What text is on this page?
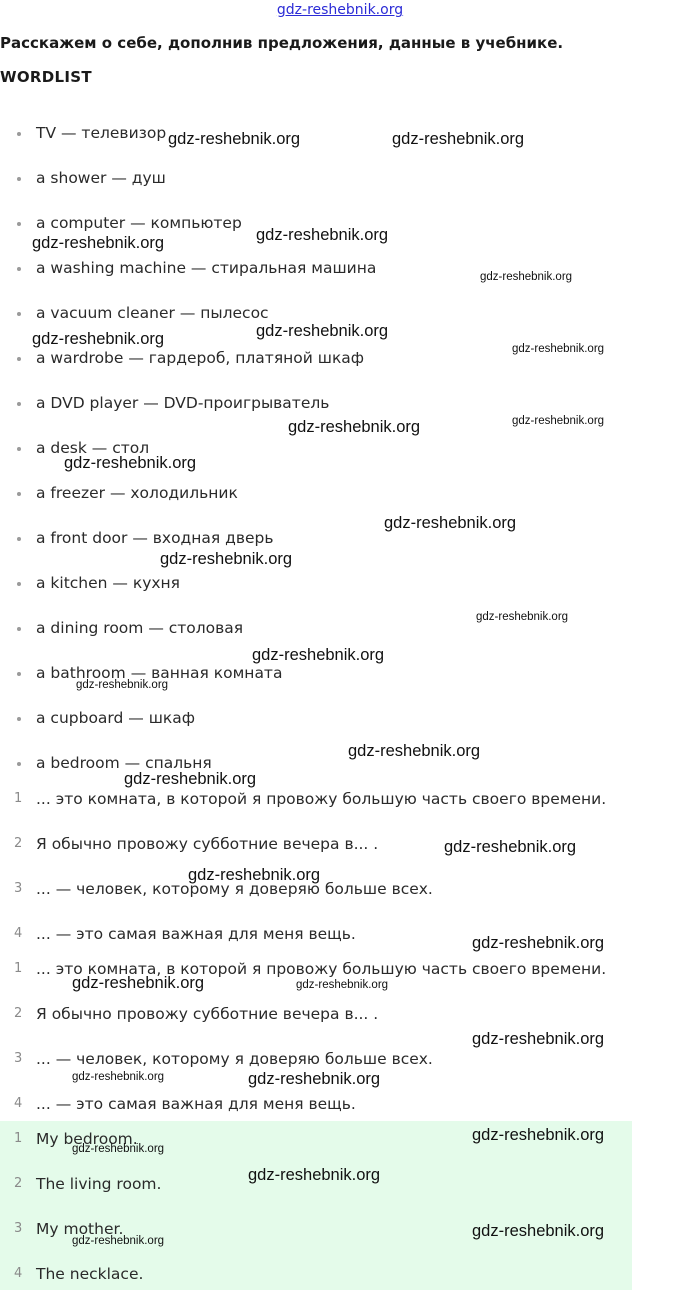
gdz-reshebnik.org
Расскажем о себе, дополнив предложения, данные в учебнике.
WORDLIST
TV — телевизор
a shower — душ
a computer — компьютер
a washing machine — стиральная машина
a vacuum cleaner — пылесос
a wardrobe — гардероб, платяной шкаф
a DVD player — DVD-проигрыватель
a desk — стол
a freezer — холодильник
a front door — входная дверь
a kitchen — кухня
a dining room — столовая
a bathroom — ванная комната
a cupboard — шкаф
a bedroom — спальня
1 ... это комната, в которой я провожу большую часть своего времени.
2 Я обычно провожу субботние вечера в... .
3 ... — человек, которому я доверяю больше всех.
4 ... — это самая важная для меня вещь.
1 ... это комната, в которой я провожу большую часть своего времени.
2 Я обычно провожу субботние вечера в... .
3 ... — человек, которому я доверяю больше всех.
4 ... — это самая важная для меня вещь.
1 My bedroom.
2 The living room.
3 My mother.
4 The necklace.
gdz-reshebnik.org	gdz-reshebnik.org
gdz-reshebnik.org
gdz-reshebnik.org
gdz-reshebnik.org
gdz-reshebnik.org
gdz-reshebnik.org
gdz-reshebnik.org
gdz-reshebnik.org
gdz-reshebnik.org
gdz-reshebnik.org
gdz-reshebnik.org
gdz-reshebnik.org
gdz-reshebnik.org
gdz-reshebnik.org
gdz-reshebnik.org
gdz-reshebnik.org
gdz-reshebnik.org
gdz-reshebnik.org
gdz-reshebnik.org
gdz-reshebnik.org
gdz-reshebnik.org	gdz-reshebnik.org
gdz-reshebnik.org
gdz-reshebnik.org	gdz-reshebnik.org
gdz-reshebnik.org
gdz-reshebnik.org
gdz-reshebnik.org
gdz-reshebnik.org
gdz-reshebnik.org
